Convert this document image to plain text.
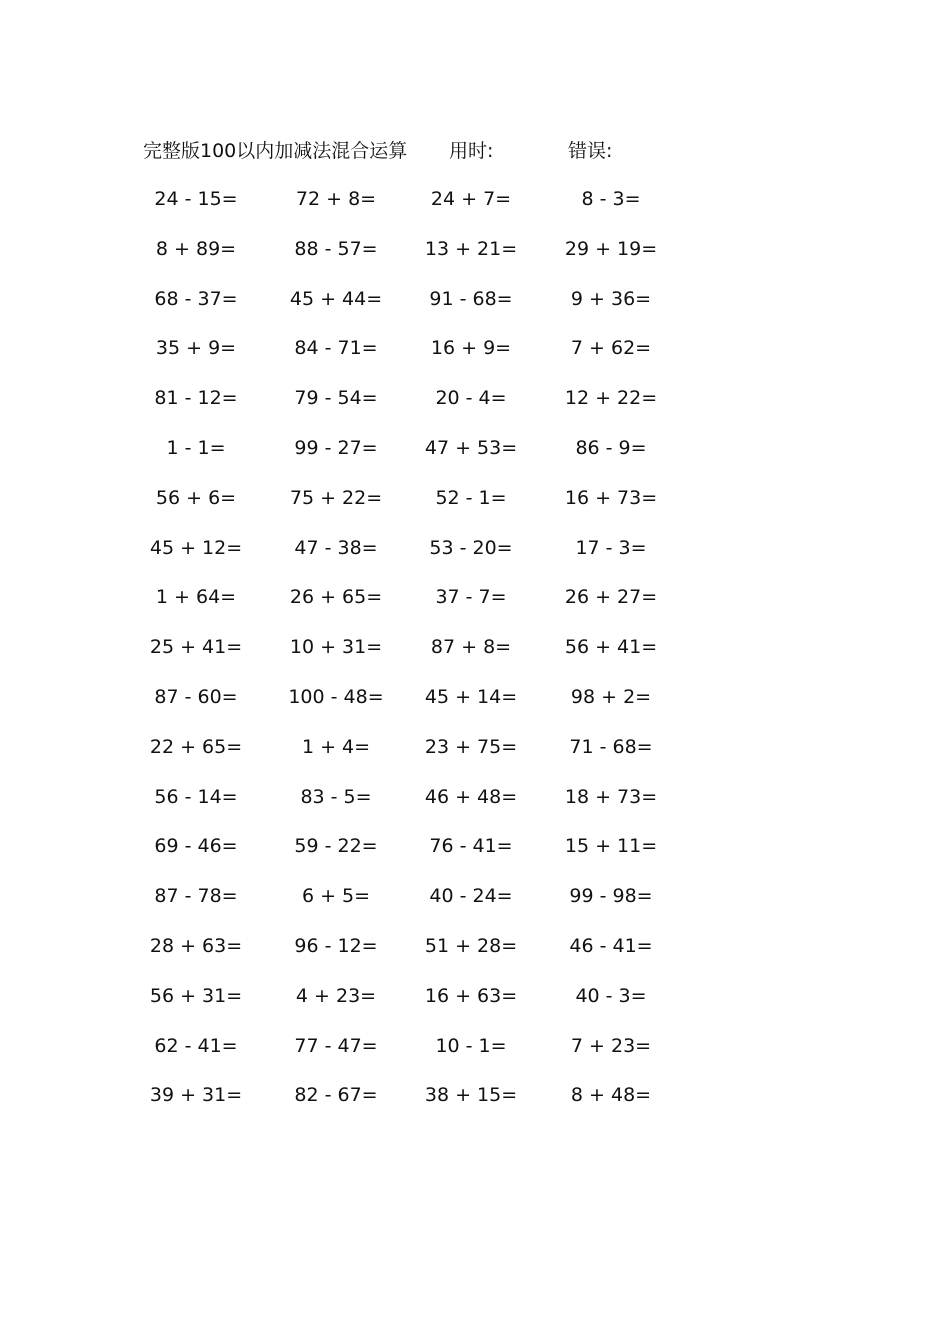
完整版100以内加减法混合运算 用时:	错误:
24 - 15=	72 + 8=	24 + 7=	8 - 3=
8 + 89=	88 - 57=	13 + 21=	29 + 19=
68 - 37=	45 + 44=	91 - 68=	9 + 36=
35 + 9=	84 - 71=	16 + 9=	7 + 62=
81 - 12=	79 - 54=	20 - 4=	12 + 22=
1 - 1=	99 - 27=	47 + 53=	86 - 9=
56 + 6=	75 + 22=	52 - 1=	16 + 73=
45 + 12=	47 - 38=	53 - 20=	17 - 3=
1 + 64=	26 + 65=	37 - 7=	26 + 27=
25 + 41=	10 + 31=	87 + 8=	56 + 41=
87 - 60=	100 - 48=	45 + 14=	98 + 2=
22 + 65=	1 + 4=	23 + 75=	71 - 68=
56 - 14=	83 - 5=	46 + 48=	18 + 73=
69 - 46=	59 - 22=	76 - 41=	15 + 11=
87 - 78=	6 + 5=	40 - 24=	99 - 98=
28 + 63=	96 - 12=	51 + 28=	46 - 41=
56 + 31=	4 + 23=	16 + 63=	40 - 3=
62 - 41=	77 - 47=	10 - 1=	7 + 23=
39 + 31=	82 - 67=	38 + 15=	8 + 48=
